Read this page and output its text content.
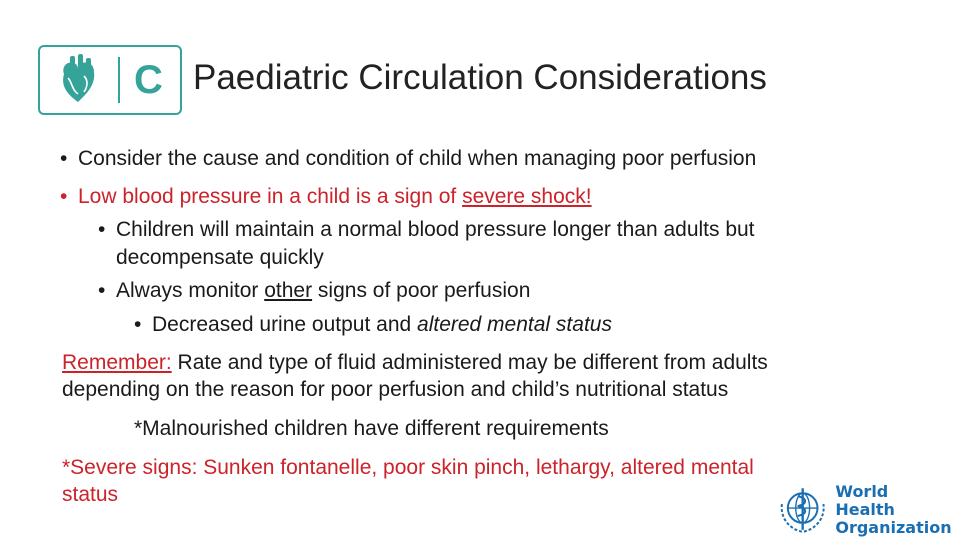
C Paediatric Circulation Considerations
• Consider the cause and condition of child when managing poor perfusion
• Low blood pressure in a child is a sign of severe shock!
• Children will maintain a normal blood pressure longer than adults but
decompensate quickly
• Always monitor other signs of poor perfusion
• Decreased urine output and altered mental status
Remember: Rate and type of fluid administered may be different from adults
depending on the reason for poor perfusion and child’s nutritional status
*Malnourished children have different requirements
*Severe signs: Sunken fontanelle, poor skin pinch, lethargy, altered mental
status	World Health
Organization
